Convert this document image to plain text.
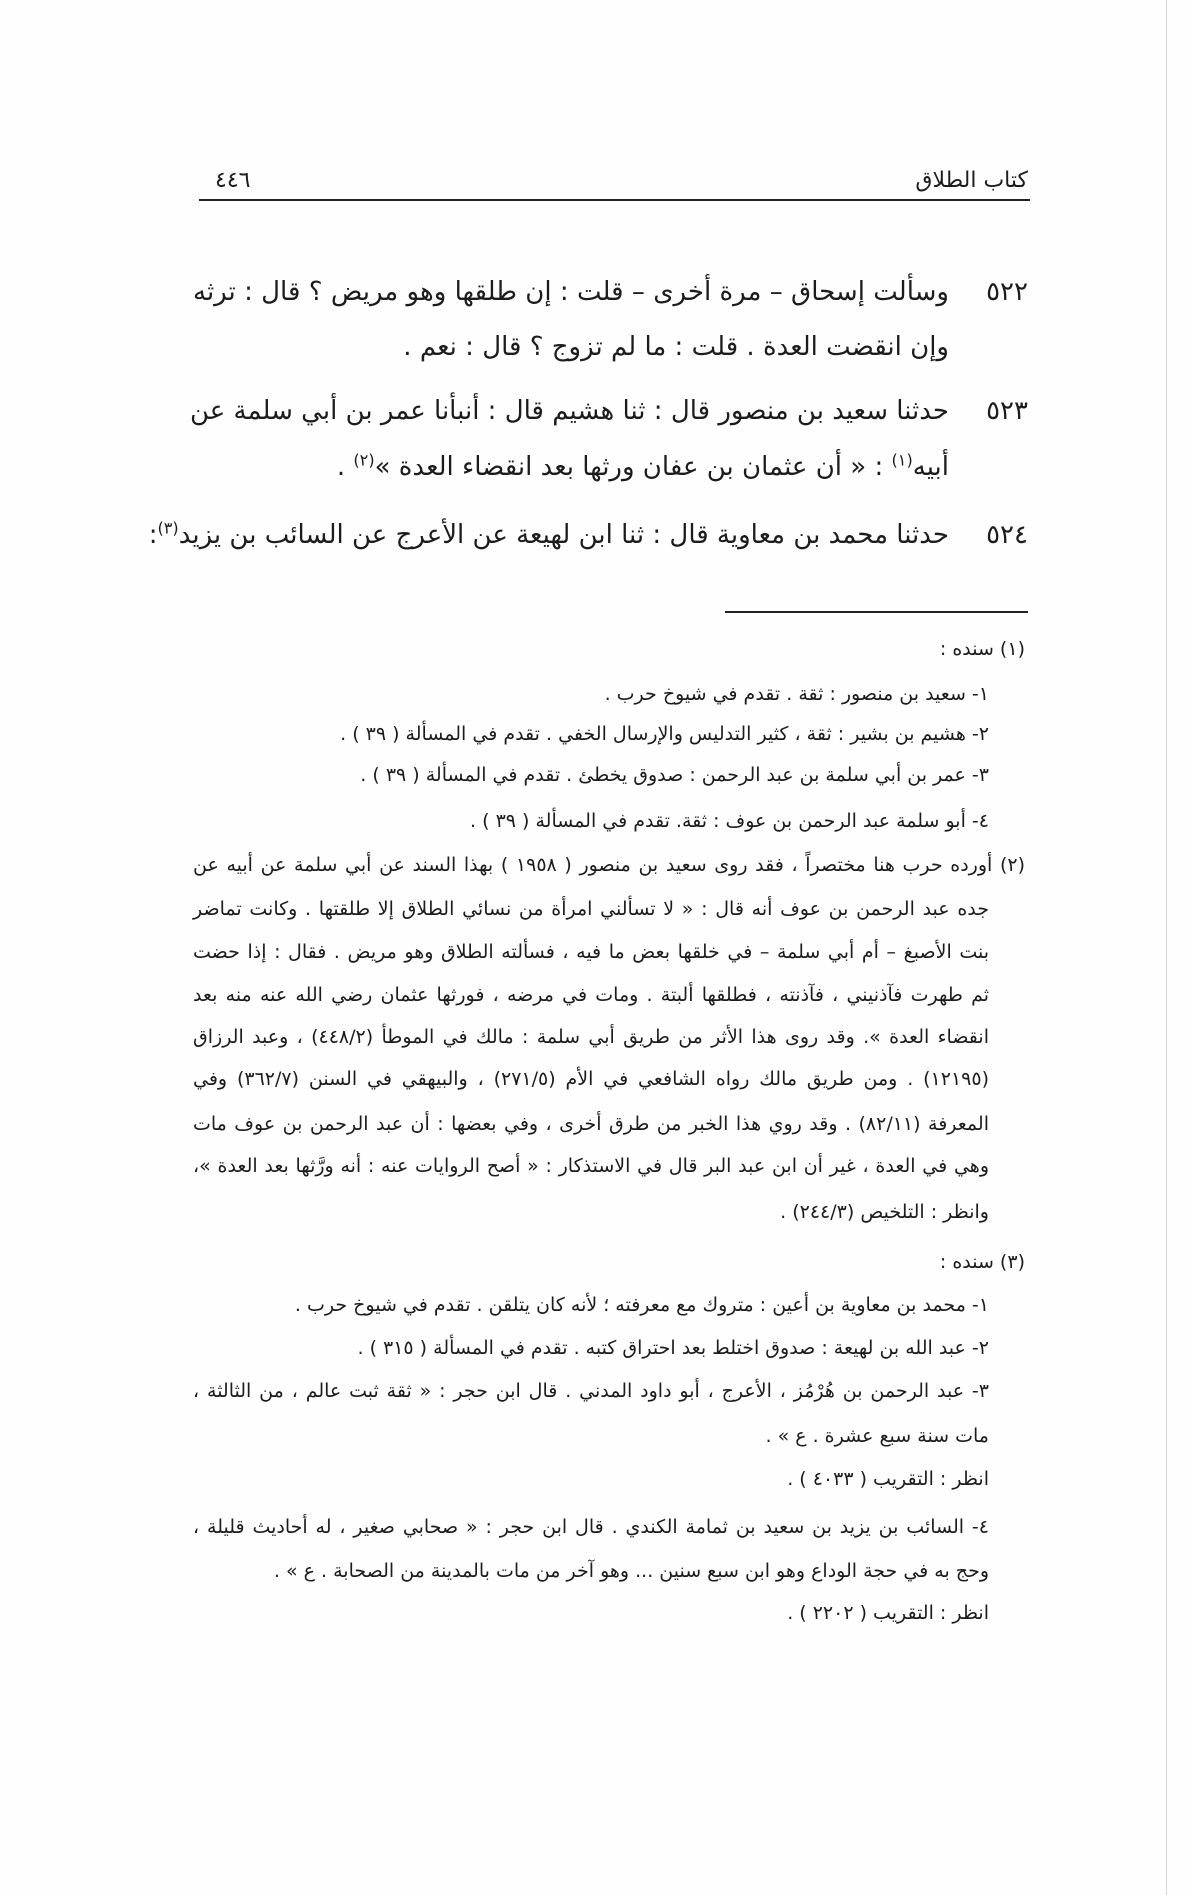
كتاب الطلاق
٤٤٦
٥٢٢
وسألت إسحاق – مرة أخرى – قلت : إن طلقها وهو مريض ؟ قال : ترثه
وإن انقضت العدة . قلت : ما لم تزوج ؟ قال : نعم .
٥٢٣
حدثنا سعيد بن منصور قال : ثنا هشيم قال : أنبأنا عمر بن أبي سلمة عن
أبيه$^{(١)}$ : « أن عثمان بن عفان ورثها بعد انقضاء العدة »$^{(٢)}$ .
٥٢٤
حدثنا محمد بن معاوية قال : ثنا ابن لهيعة عن الأعرج عن السائب بن يزيد$^{(٣)}$:
(١) سنده :
١- سعيد بن منصور : ثقة . تقدم في شيوخ حرب .
٢- هشيم بن بشير : ثقة ، كثير التدليس والإرسال الخفي . تقدم في المسألة ( ٣٩ ) .
٣- عمر بن أبي سلمة بن عبد الرحمن : صدوق يخطئ . تقدم في المسألة ( ٣٩ ) .
٤- أبو سلمة عبد الرحمن بن عوف : ثقة. تقدم في المسألة ( ٣٩ ) .
(٢) أورده حرب هنا مختصراً ، فقد روى سعيد بن منصور ( ١٩٥٨ ) بهذا السند عن أبي سلمة عن أبيه عن
جده عبد الرحمن بن عوف أنه قال : « لا تسألني امرأة من نسائي الطلاق إلا طلقتها . وكانت تماضر
بنت الأصبغ – أم أبي سلمة – في خلقها بعض ما فيه ، فسألته الطلاق وهو مريض . فقال : إذا حضت
ثم طهرت فآذنيني ، فآذنته ، فطلقها ألبتة . ومات في مرضه ، فورثها عثمان رضي الله عنه منه بعد
انقضاء العدة ». وقد روى هذا الأثر من طريق أبي سلمة : مالك في الموطأ (٤٤٨/٢) ، وعبد الرزاق
(١٢١٩٥) . ومن طريق مالك رواه الشافعي في الأم (٢٧١/٥) ، والبيهقي في السنن (٣٦٢/٧) وفي
المعرفة (٨٢/١١) . وقد روي هذا الخبر من طرق أخرى ، وفي بعضها : أن عبد الرحمن بن عوف مات
وهي في العدة ، غير أن ابن عبد البر قال في الاستذكار : « أصح الروايات عنه : أنه ورَّثها بعد العدة »،
وانظر : التلخيص (٢٤٤/٣) .
(٣) سنده :
١- محمد بن معاوية بن أعين : متروك مع معرفته ؛ لأنه كان يتلقن . تقدم في شيوخ حرب .
٢- عبد الله بن لهيعة : صدوق اختلط بعد احتراق كتبه . تقدم في المسألة ( ٣١٥ ) .
٣- عبد الرحمن بن هُرْمُز ، الأعرج ، أبو داود المدني . قال ابن حجر : « ثقة ثبت عالم ، من الثالثة ،
مات سنة سبع عشرة . ع » .
انظر : التقريب ( ٤٠٣٣ ) .
٤- السائب بن يزيد بن سعيد بن ثمامة الكندي . قال ابن حجر : « صحابي صغير ، له أحاديث قليلة ،
وحج به في حجة الوداع وهو ابن سبع سنين ... وهو آخر من مات بالمدينة من الصحابة . ع » .
انظر : التقريب ( ٢٢٠٢ ) .
